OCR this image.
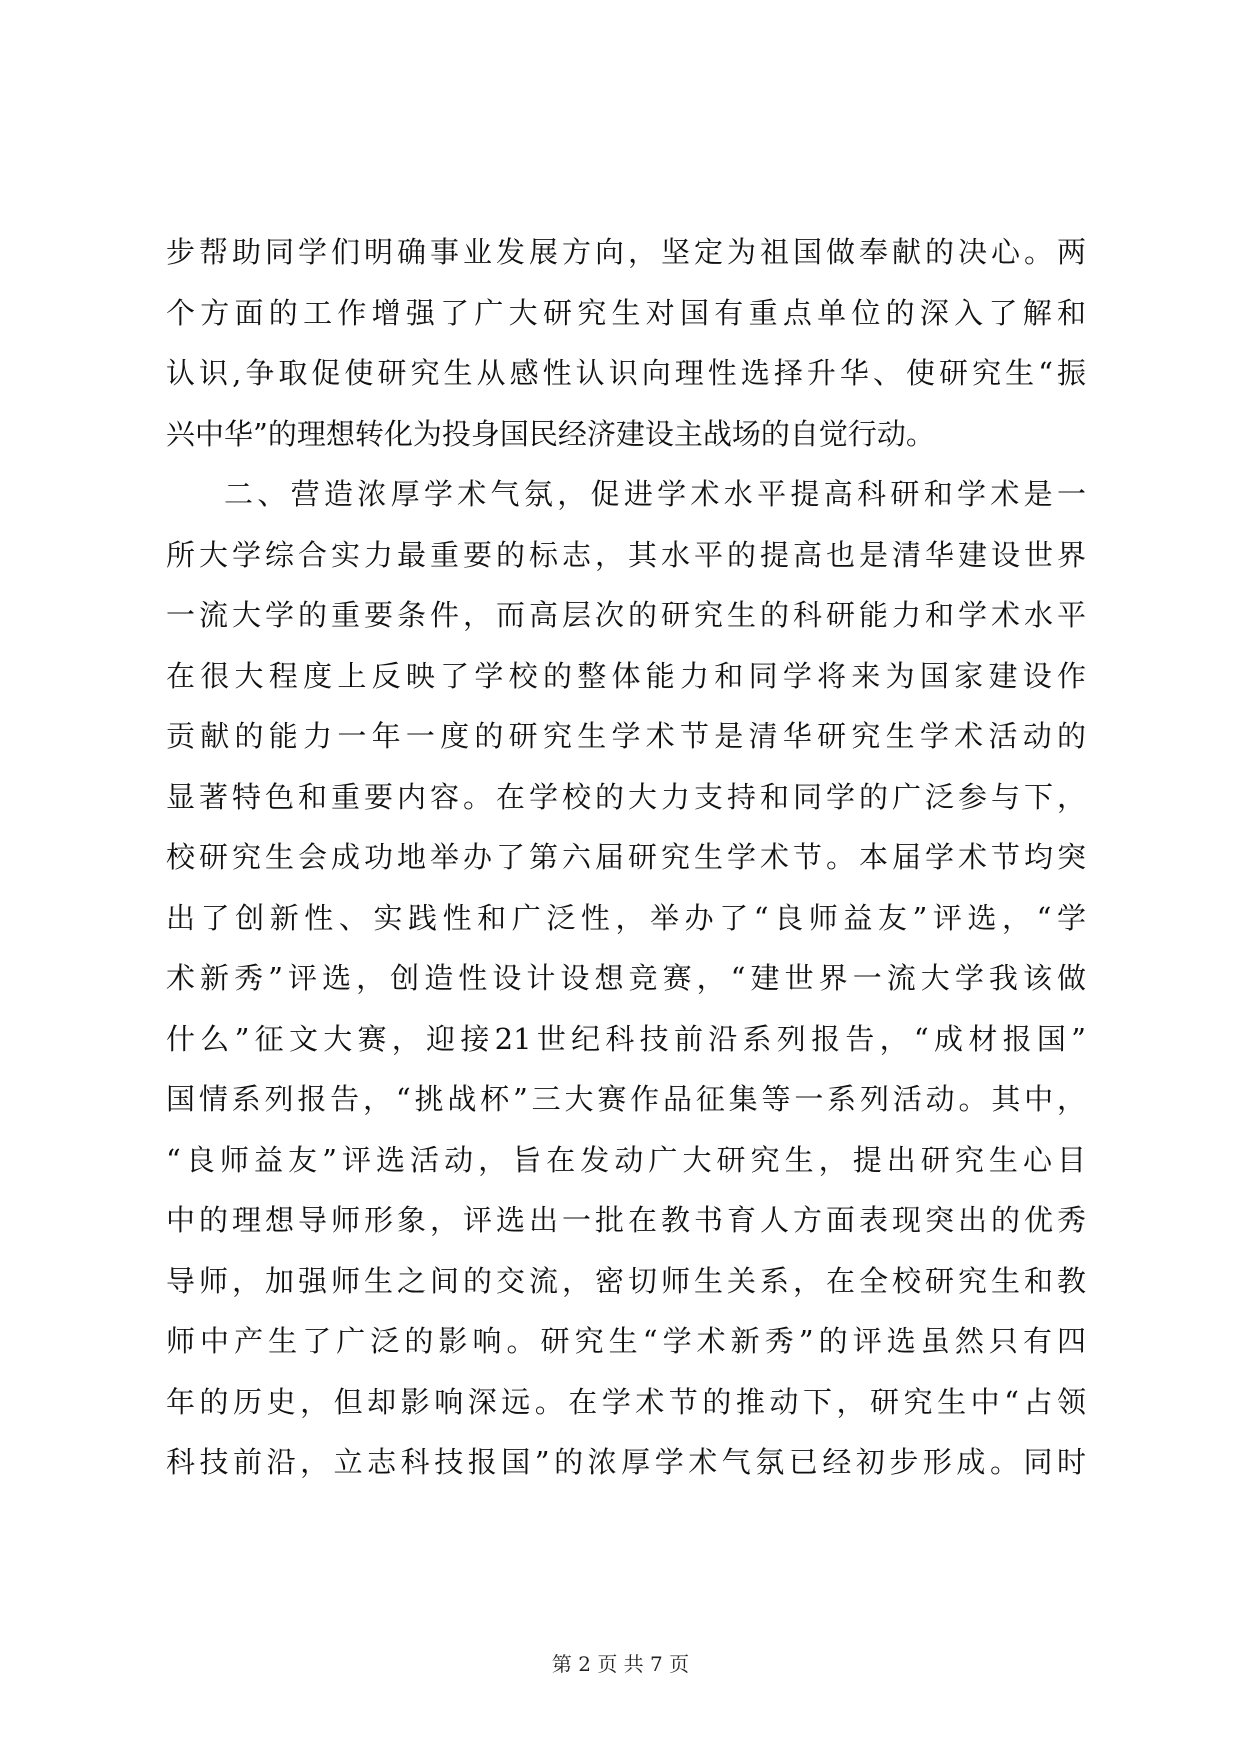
步帮助同学们明确事业发展方向，坚定为祖国做奉献的决心。两
个方面的工作增强了广大研究生对国有重点单位的深入了解和
认识,争取促使研究生从感性认识向理性选择升华、使研究生“振
兴中华”的理想转化为投身国民经济建设主战场的自觉行动。
二、营造浓厚学术气氛，促进学术水平提高科研和学术是一
所大学综合实力最重要的标志，其水平的提高也是清华建设世界
一流大学的重要条件，而高层次的研究生的科研能力和学术水平
在很大程度上反映了学校的整体能力和同学将来为国家建设作
贡献的能力一年一度的研究生学术节是清华研究生学术活动的
显著特色和重要内容。在学校的大力支持和同学的广泛参与下，
校研究生会成功地举办了第六届研究生学术节。本届学术节均突
出了创新性、实践性和广泛性，举办了“良师益友”评选，“学
术新秀”评选，创造性设计设想竞赛，“建世界一流大学我该做
什么”征文大赛，迎接21世纪科技前沿系列报告，“成材报国”
国情系列报告，“挑战杯”三大赛作品征集等一系列活动。其中，
“良师益友”评选活动，旨在发动广大研究生，提出研究生心目
中的理想导师形象，评选出一批在教书育人方面表现突出的优秀
导师，加强师生之间的交流，密切师生关系，在全校研究生和教
师中产生了广泛的影响。研究生“学术新秀”的评选虽然只有四
年的历史，但却影响深远。在学术节的推动下，研究生中“占领
科技前沿，立志科技报国”的浓厚学术气氛已经初步形成。同时
第 2 页 共 7 页
